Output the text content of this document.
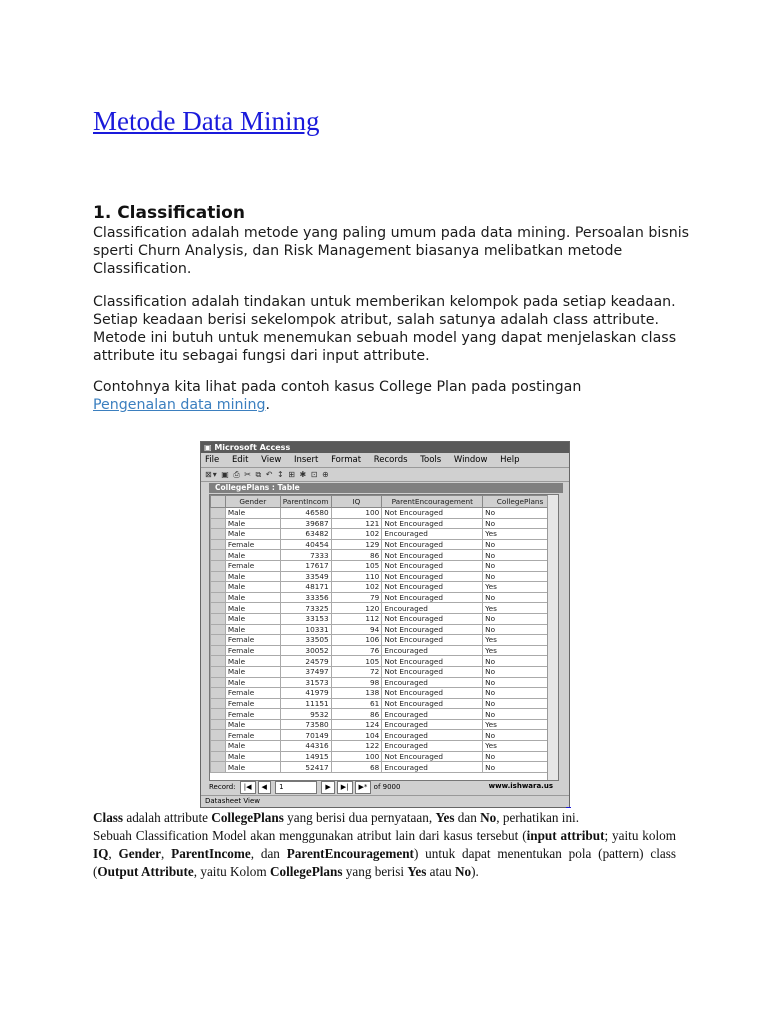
Metode Data Mining
1. Classification

Classification adalah metode yang paling umum pada data mining. Persoalan bisnis sperti Churn Analysis, dan Risk Management biasanya melibatkan metode Classification.

Classification adalah tindakan untuk memberikan kelompok pada setiap keadaan. Setiap keadaan berisi sekelompok atribut, salah satunya adalah class attribute. Metode ini butuh untuk menemukan sebuah model yang dapat menjelaskan class attribute itu sebagai fungsi dari input attribute.

Contohnya kita lihat pada contoh kasus College Plan pada postingan
Pengenalan data mining.

▣ Microsoft Access
File Edit View Insert Format Records Tools Window Help
⊠▾ ▣ ⎙ ✂ ⧉ ↶ ↕ ⊞ ✱ ⊡ ⊕
CollegePlans : Table
	Gender	ParentIncom	IQ	ParentEncouragement	CollegePlans
	Male	46580	100	Not Encouraged	No
	Male	39687	121	Not Encouraged	No
	Male	63482	102	Encouraged	Yes
	Female	40454	129	Not Encouraged	No
	Male	7333	86	Not Encouraged	No
	Female	17617	105	Not Encouraged	No
	Male	33549	110	Not Encouraged	No
	Male	48171	102	Not Encouraged	Yes
	Male	33356	79	Not Encouraged	No
	Male	73325	120	Encouraged	Yes
	Male	33153	112	Not Encouraged	No
	Male	10331	94	Not Encouraged	No
	Female	33505	106	Not Encouraged	Yes
	Female	30052	76	Encouraged	Yes
	Male	24579	105	Not Encouraged	No
	Male	37497	72	Not Encouraged	No
	Male	31573	98	Encouraged	No
	Female	41979	138	Not Encouraged	No
	Female	11151	61	Not Encouraged	No
	Female	9532	86	Encouraged	No
	Male	73580	124	Encouraged	Yes
	Female	70149	104	Encouraged	No
	Male	44316	122	Encouraged	Yes
	Male	14915	100	Not Encouraged	No
	Male	52417	68	Encouraged	No
Record: |◀ ◀ 1	▶ ▶| ▶* of 9000	www.ishwara.us
Datasheet View

Class adalah attribute CollegePlans yang berisi dua pernyataan, Yes dan No, perhatikan ini.

Sebuah Classification Model akan menggunakan atribut lain dari kasus tersebut (input attribut; yaitu kolom IQ, Gender, ParentIncome, dan ParentEncouragement) untuk dapat menentukan pola (pattern) class (Output Attribute, yaitu Kolom CollegePlans yang berisi Yes atau No).
